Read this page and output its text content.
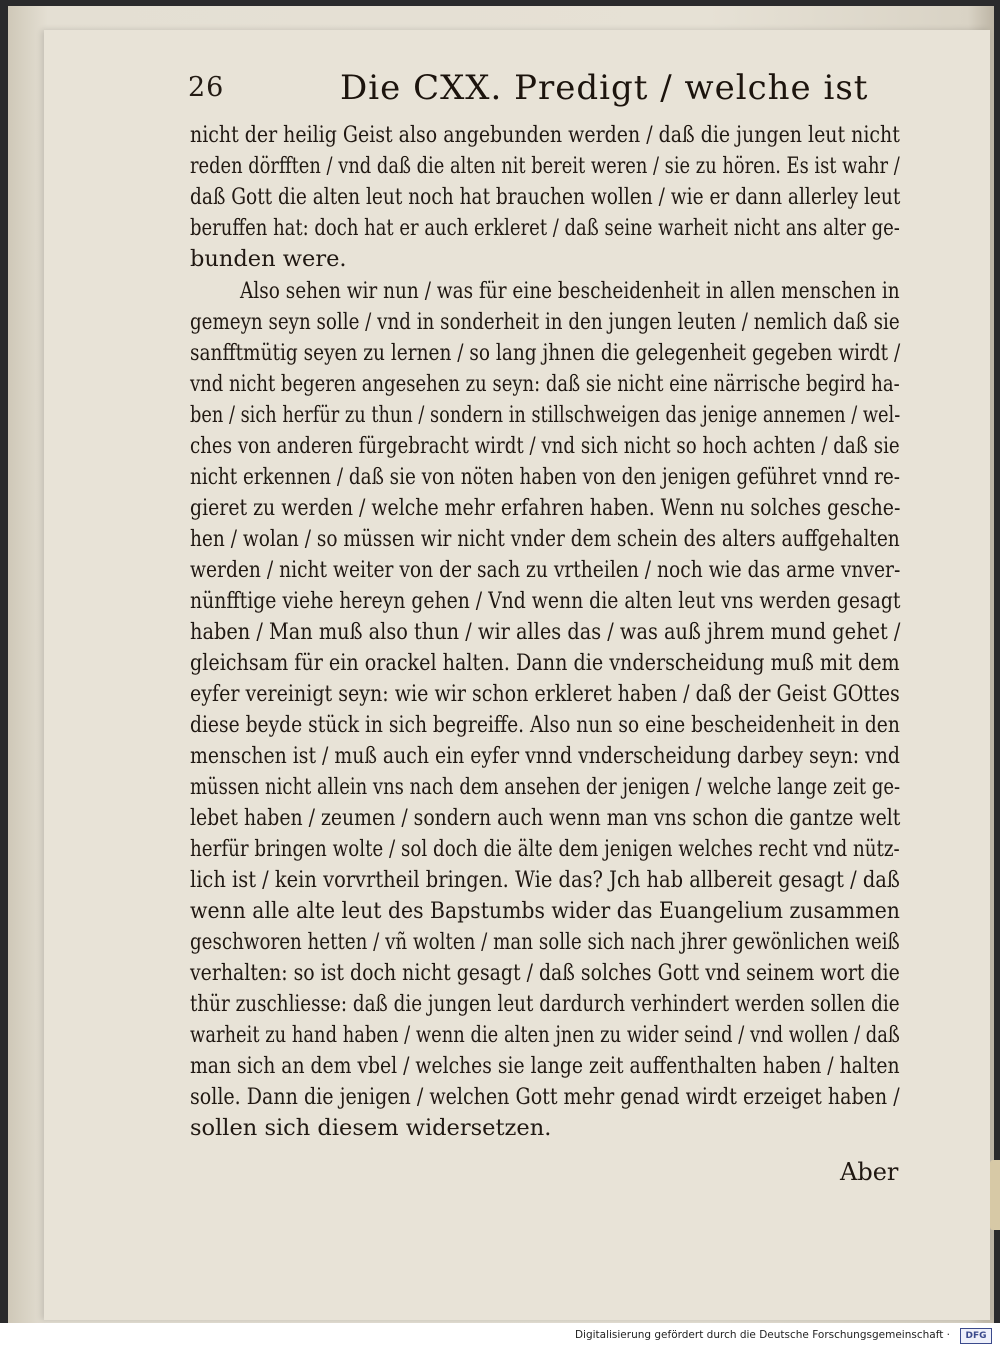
26	Die CXX. Predigt / welche ist
nicht der heilig Geist also angebunden werden / daß die jungen leut nicht
reden dörfften / vnd daß die alten nit bereit weren / sie zu hören. Es ist wahr /
daß Gott die alten leut noch hat brauchen wollen / wie er dann allerley leut
beruffen hat: doch hat er auch erkleret / daß seine warheit nicht ans alter ge-
bunden were.
Also sehen wir nun / was für eine bescheidenheit in allen menschen in
gemeyn seyn solle / vnd in sonderheit in den jungen leuten / nemlich daß sie
sanfftmütig seyen zu lernen / so lang jhnen die gelegenheit gegeben wirdt /
vnd nicht begeren angesehen zu seyn: daß sie nicht eine närrische begird ha-
ben / sich herfür zu thun / sondern in stillschweigen das jenige annemen / wel-
ches von anderen fürgebracht wirdt / vnd sich nicht so hoch achten / daß sie
nicht erkennen / daß sie von nöten haben von den jenigen geführet vnnd re-
gieret zu werden / welche mehr erfahren haben. Wenn nu solches gesche-
hen / wolan / so müssen wir nicht vnder dem schein des alters auffgehalten
werden / nicht weiter von der sach zu vrtheilen / noch wie das arme vnver-
nünfftige viehe hereyn gehen / Vnd wenn die alten leut vns werden gesagt
haben / Man muß also thun / wir alles das / was auß jhrem mund gehet /
gleichsam für ein orackel halten. Dann die vnderscheidung muß mit dem
eyfer vereinigt seyn: wie wir schon erkleret haben / daß der Geist GOttes
diese beyde stück in sich begreiffe. Also nun so eine bescheidenheit in den
menschen ist / muß auch ein eyfer vnnd vnderscheidung darbey seyn: vnd
müssen nicht allein vns nach dem ansehen der jenigen / welche lange zeit ge-
lebet haben / zeumen / sondern auch wenn man vns schon die gantze welt
herfür bringen wolte / sol doch die älte dem jenigen welches recht vnd nütz-
lich ist / kein vorvrtheil bringen. Wie das? Jch hab allbereit gesagt / daß
wenn alle alte leut des Bapstumbs wider das Euangelium zusammen
geschworen hetten / vñ wolten / man solle sich nach jhrer gewönlichen weiß
verhalten: so ist doch nicht gesagt / daß solches Gott vnd seinem wort die
thür zuschliesse: daß die jungen leut dardurch verhindert werden sollen die
warheit zu hand haben / wenn die alten jnen zu wider seind / vnd wollen / daß
man sich an dem vbel / welches sie lange zeit auffenthalten haben / halten
solle. Dann die jenigen / welchen Gott mehr genad wirdt erzeiget haben /
sollen sich diesem widersetzen.
Aber
Digitalisierung gefördert durch die Deutsche Forschungsgemeinschaft ·	DFG
